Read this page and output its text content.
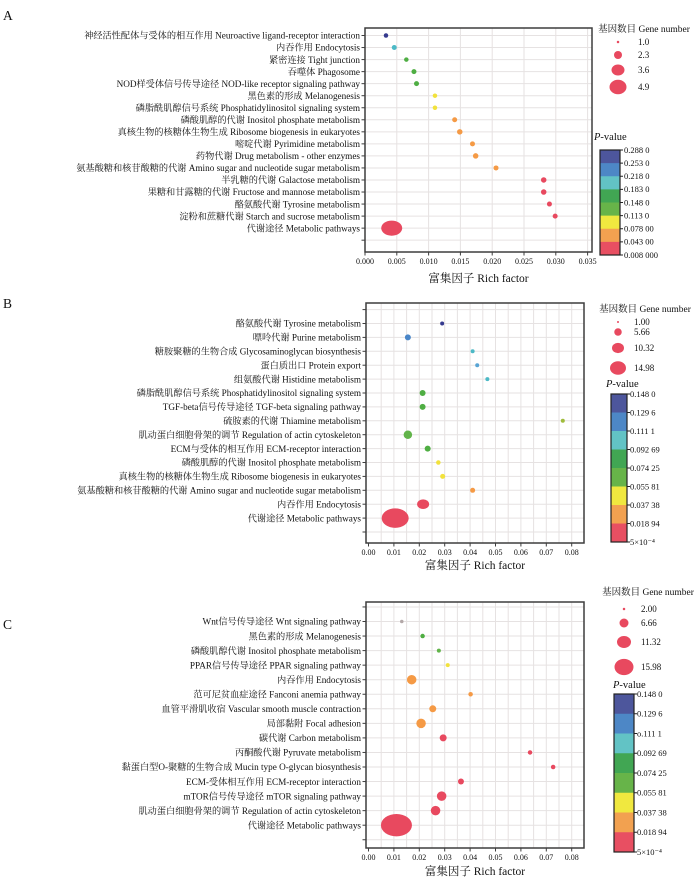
A
0.000 0.005 0.010 0.015 0.020 0.025 0.030 0.035
富集因子 Rich factor
神经活性配体与受体的相互作用 Neuroactive ligand-receptor interaction
内吞作用 Endocytosis
紧密连接 Tight junction
吞噬体 Phagosome
NOD样受体信号传导途径 NOD-like receptor signaling pathway
黑色素的形成 Melanogenesis
磷脂酰肌醇信号系统 Phosphatidylinositol signaling system
磷酸肌醇的代谢 Inositol phosphate metabolism
真核生物的核糖体生物生成 Ribosome biogenesis in eukaryotes
嘧啶代谢 Pyrimidine metabolism
药物代谢 Drug metabolism - other enzymes
氨基酸糖和核苷酸糖的代谢 Amino sugar and nucleotide sugar metabolism
半乳糖的代谢 Galactose metabolism
果糖和甘露糖的代谢 Fructose and mannose metabolism
酪氨酸代谢 Tyrosine metabolism
淀粉和蔗糖代谢 Starch and sucrose metabolism
代谢途径 Metabolic pathways
基因数目 Gene number
1.0
2.3
3.6
4.9
P-value
0.288 0
0.253 0
0.218 0
0.183 0
0.148 0
0.113 0
0.078 00
0.043 00
0.008 000
B
0.00 0.01 0.02 0.03 0.04 0.05 0.06 0.07 0.08
富集因子 Rich factor
酪氨酸代谢 Tyrosine metabolism
嘌呤代谢 Purine metabolism
糖胺聚糖的生物合成 Glycosaminoglycan biosynthesis
蛋白质出口 Protein export
组氨酸代谢 Histidine metabolism
磷脂酰肌醇信号系统 Phosphatidylinositol signaling system
TGF-beta信号传导途径 TGF-beta signaling pathway
硫胺素的代谢 Thiamine metabolism
肌动蛋白细胞骨架的调节 Regulation of actin cytoskeleton
ECM与受体的相互作用 ECM-receptor interaction
磷酸肌醇的代谢 Inositol phosphate metabolism
真核生物的核糖体生物生成 Ribosome biogenesis in eukaryotes
氨基酸糖和核苷酸糖的代谢 Amino sugar and nucleotide sugar metabolism
内吞作用 Endocytosis
代谢途径 Metabolic pathways
基因数目 Gene number
1.00
5.66
10.32
14.98
P-value
0.148 0
0.129 6
0.111 1
0.092 69
0.074 25
0.055 81
0.037 38
0.018 94
5×10⁻⁴
C
0.00 0.01 0.02 0.03 0.04 0.05 0.06 0.07 0.08
富集因子 Rich factor
Wnt信号传导途径 Wnt signaling pathway
黑色素的形成 Melanogenesis
磷酸肌醇代谢 Inositol phosphate metabolism
PPAR信号传导途径 PPAR signaling pathway
内吞作用 Endocytosis
范可尼贫血症途径 Fanconi anemia pathway
血管平滑肌收宿 Vascular smooth muscle contraction
局部黏附 Focal adhesion
碳代谢 Carbon metabolism
丙酮酸代谢 Pyruvate metabolism
黏蛋白型O-聚糖的生物合成 Mucin type O-glycan biosynthesis
ECM-受体相互作用 ECM-receptor interaction
mTOR信号传导途径 mTOR signaling pathway
肌动蛋白细胞骨架的调节 Regulation of actin cytoskeleton
代谢途径 Metabolic pathways
基因数目 Gene number
2.00
6.66
11.32
15.98
P-value
0.148 0
0.129 6
o.111 1
0.092 69
0.074 25
0.055 81
0.037 38
0.018 94
5×10⁻⁴
